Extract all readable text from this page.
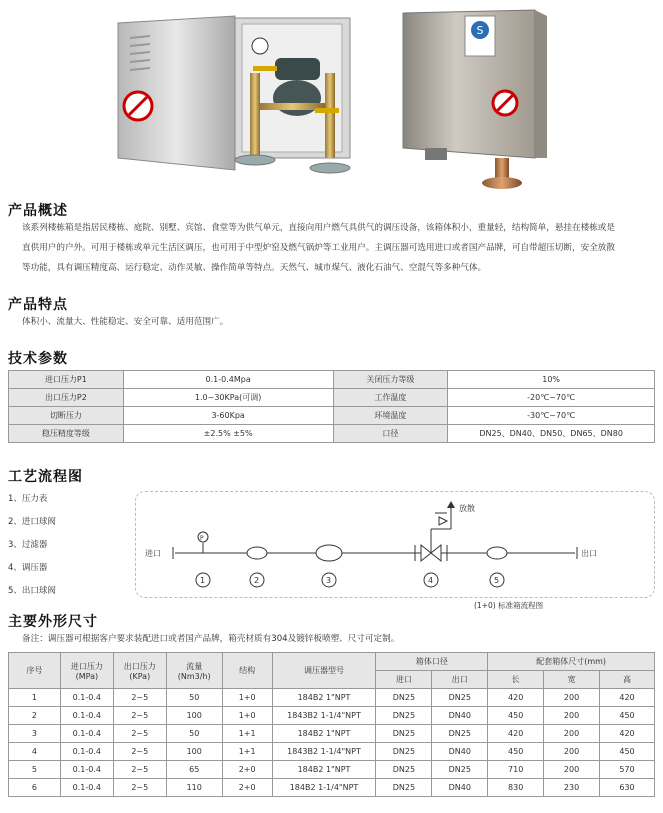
S
产品概述
该系列楼栋箱是指居民楼栋、庭院、别墅、宾馆、食堂等为供气单元，直接向用户燃气具供气的调压设备，该箱体积小，重量轻，结构简单，悬挂在楼栋或是
直供用户的户外。可用于楼栋或单元生活区调压，也可用于中型炉窑及燃气锅炉等工业用户。主调压器可选用进口或者国产品牌，可自带超压切断，安全放散
等功能，具有调压精度高、运行稳定、动作灵敏、操作简单等特点。天然气、城市煤气、液化石油气、空混气等多种气体。
产品特点
体积小、流量大、性能稳定、安全可靠、适用范围广。
技术参数
进口压力P1	0.1-0.4Mpa	关闭压力等级	10%
出口压力P2	1.0~30KPa(可调)	工作温度	-20℃~70℃
切断压力	3-60Kpa	环境温度	-30℃~70℃
稳压精度等级	±2.5% ±5%	口径	DN25、DN40、DN50、DN65、DN80
工艺流程图
1、压力表
2、进口球阀
3、过滤器
4、调压器
5、出口球阀
进口	出口
放散
P
1	2	3	4	5
(1+0) 标准箱流程图
主要外形尺寸
备注：调压器可根据客户要求装配进口或者国产品牌，箱壳材质有304及镀锌板喷塑、尺寸可定制。
序号	进口压力
(MPa)	出口压力
(KPa)	流量
(Nm3/h)	结构	调压器型号	箱体口径		配套箱体尺寸(mm)		
						进口	出口	长	宽	高
1	0.1-0.4	2~5	50	1+0	184B2 1"NPT	DN25	DN25	420	200	420
2	0.1-0.4	2~5	100	1+0	1843B2 1-1/4"NPT	DN25	DN40	450	200	450
3	0.1-0.4	2~5	50	1+1	184B2 1"NPT	DN25	DN25	420	200	420
4	0.1-0.4	2~5	100	1+1	1843B2 1-1/4"NPT	DN25	DN40	450	200	450
5	0.1-0.4	2~5	65	2+0	184B2 1"NPT	DN25	DN25	710	200	570
6	0.1-0.4	2~5	110	2+0	184B2 1-1/4"NPT	DN25	DN40	830	230	630
